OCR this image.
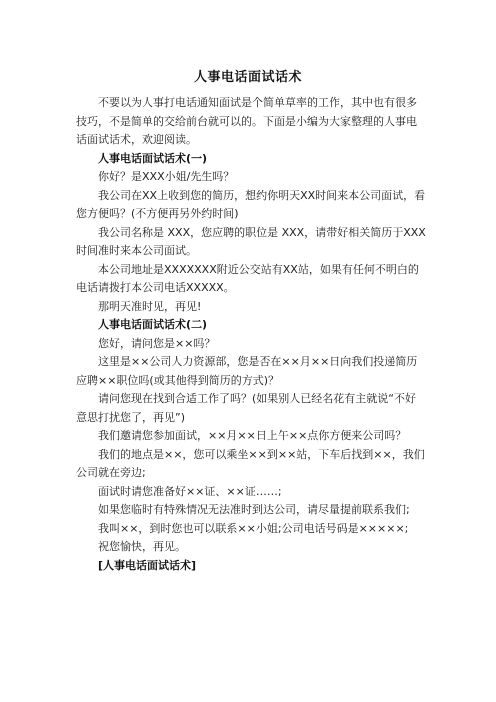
人事电话面试话术

不要以为人事打电话通知面试是个简单草率的工作，其中也有很多技巧，不是简单的交给前台就可以的。下面是小编为大家整理的人事电话面试话术，欢迎阅读。

人事电话面试话术(一)

你好？是XXX小姐/先生吗？

我公司在XX上收到您的简历，想约你明天XX时间来本公司面试，看您方便吗？(不方便再另外约时间)

我公司名称是 XXX，您应聘的职位是 XXX，请带好相关简历于XXX时间准时来本公司面试。

本公司地址是XXXXXXX附近公交站有XX站，如果有任何不明白的电话请拨打本公司电话XXXXX。

那明天准时见，再见!

人事电话面试话术(二)

您好，请问您是××吗？

这里是××公司人力资源部，您是否在××月××日向我们投递简历应聘××职位吗(或其他得到简历的方式)？

请问您现在找到合适工作了吗？(如果别人已经名花有主就说“不好意思打扰您了，再见”)

我们邀请您参加面试，××月××日上午××点你方便来公司吗？

我们的地点是××，您可以乘坐××到××站，下车后找到××，我们公司就在旁边;

面试时请您准备好××证、××证……;

如果您临时有特殊情况无法准时到达公司，请尽量提前联系我们;

我叫××，到时您也可以联系××小姐;公司电话号码是×××××;

祝您愉快，再见。

[人事电话面试话术]
